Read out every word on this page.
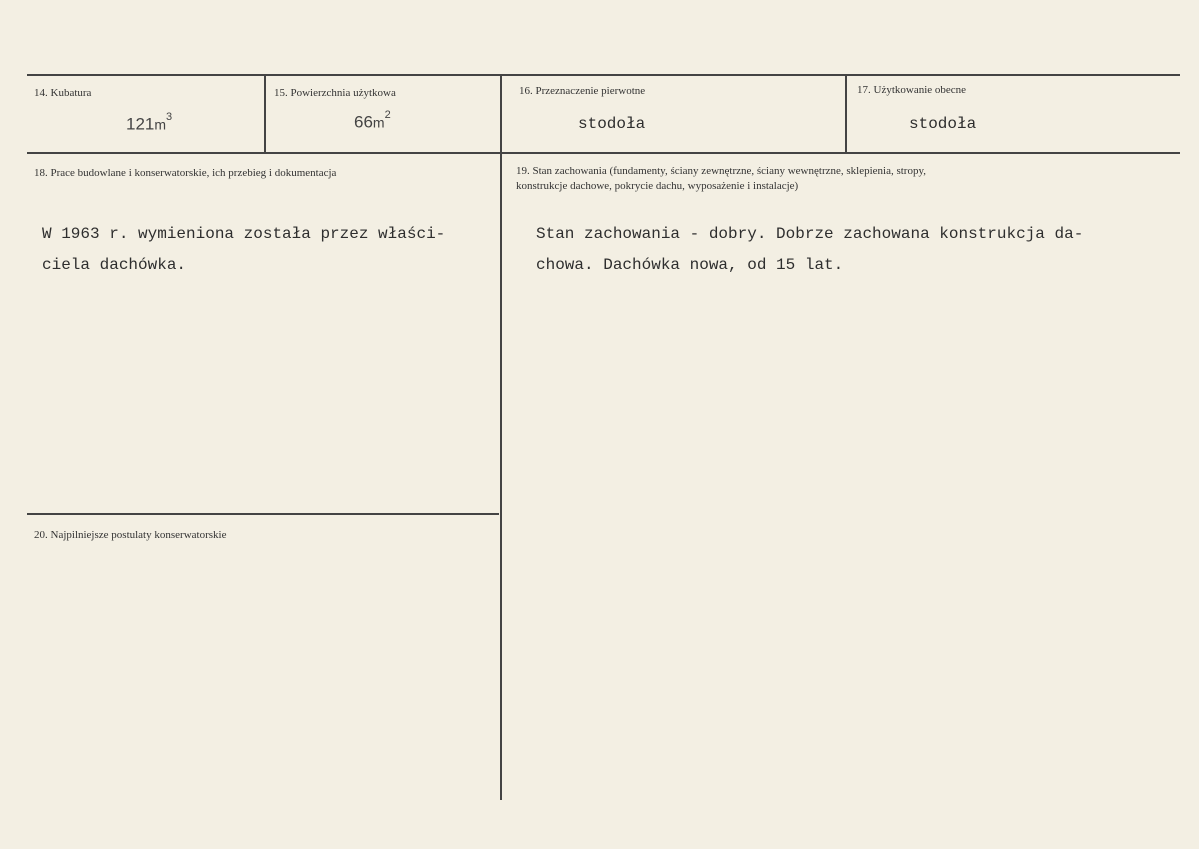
14. Kubatura
$121m^3$
15. Powierzchnia użytkowa
$66m^2$
16. Przeznaczenie pierwotne
stodoła
17. Użytkowanie obecne
stodoła
18. Prace budowlane i konserwatorskie, ich przebieg i dokumentacja
W 1963 r. wymieniona została przez właści-
ciela dachówka.
19. Stan zachowania (fundamenty, ściany zewnętrzne, ściany wewnętrzne, sklepienia, stropy,
konstrukcje dachowe, pokrycie dachu, wyposażenie i instalacje)
Stan zachowania - dobry. Dobrze zachowana konstrukcja da-
chowa. Dachówka nowa, od 15 lat.
20. Najpilniejsze postulaty konserwatorskie
